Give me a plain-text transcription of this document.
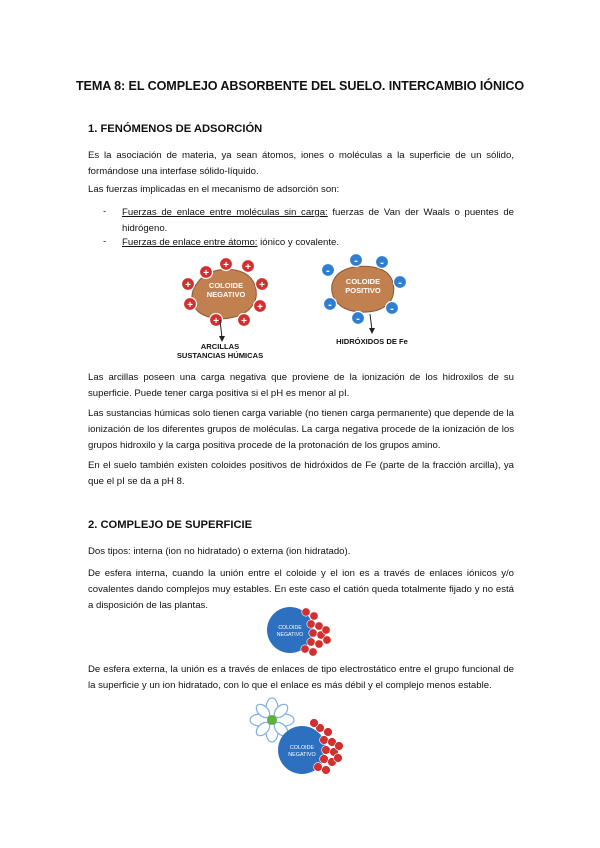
TEMA 8: EL COMPLEJO ABSORBENTE DEL SUELO. INTERCAMBIO IÓNICO
1. FENÓMENOS DE ADSORCIÓN
Es la asociación de materia, ya sean átomos, iones o moléculas a la superficie de un sólido, formándose una interfase sólido-líquido.
Las fuerzas implicadas en el mecanismo de adsorción son:
- Fuerzas de enlace entre moléculas sin carga: fuerzas de Van der Waals o puentes de hidrógeno.
- Fuerzas de enlace entre átomo: iónico y covalente.
COLOIDE
NEGATIVO
+
+ +
+
+
+
+
+
+	COLOIDE
POSITIVO
-
- -
-
-
-
-
ARCILLAS
SUSTANCIAS HÚMICAS
HIDRÓXIDOS DE Fe
Las arcillas poseen una carga negativa que proviene de la ionización de los hidroxilos de su superficie. Puede tener carga positiva si el pH es menor al pI.
Las sustancias húmicas solo tienen carga variable (no tienen carga permanente) que depende de la ionización de los diferentes grupos de moléculas. La carga negativa procede de la ionización de los grupos hidroxilo y la carga positiva procede de la protonación de los grupos amino.
En el suelo también existen coloides positivos de hidróxidos de Fe (parte de la fracción arcilla), ya que el pI se da a pH 8.
2. COMPLEJO DE SUPERFICIE
Dos tipos: interna (ion no hidratado) o externa (ion hidratado).
De esfera interna, cuando la unión entre el coloide y el ion es a través de enlaces iónicos y/o covalentes dando complejos muy estables. En este caso el catión queda totalmente fijado y no está a disposición de las plantas.
COLOIDE
NEGATIVO
De esfera externa, la unión es a través de enlaces de tipo electrostático entre el grupo funcional de la superficie y un ion hidratado, con lo que el enlace es más débil y el complejo menos estable.
COLOIDE
NEGATIVO
